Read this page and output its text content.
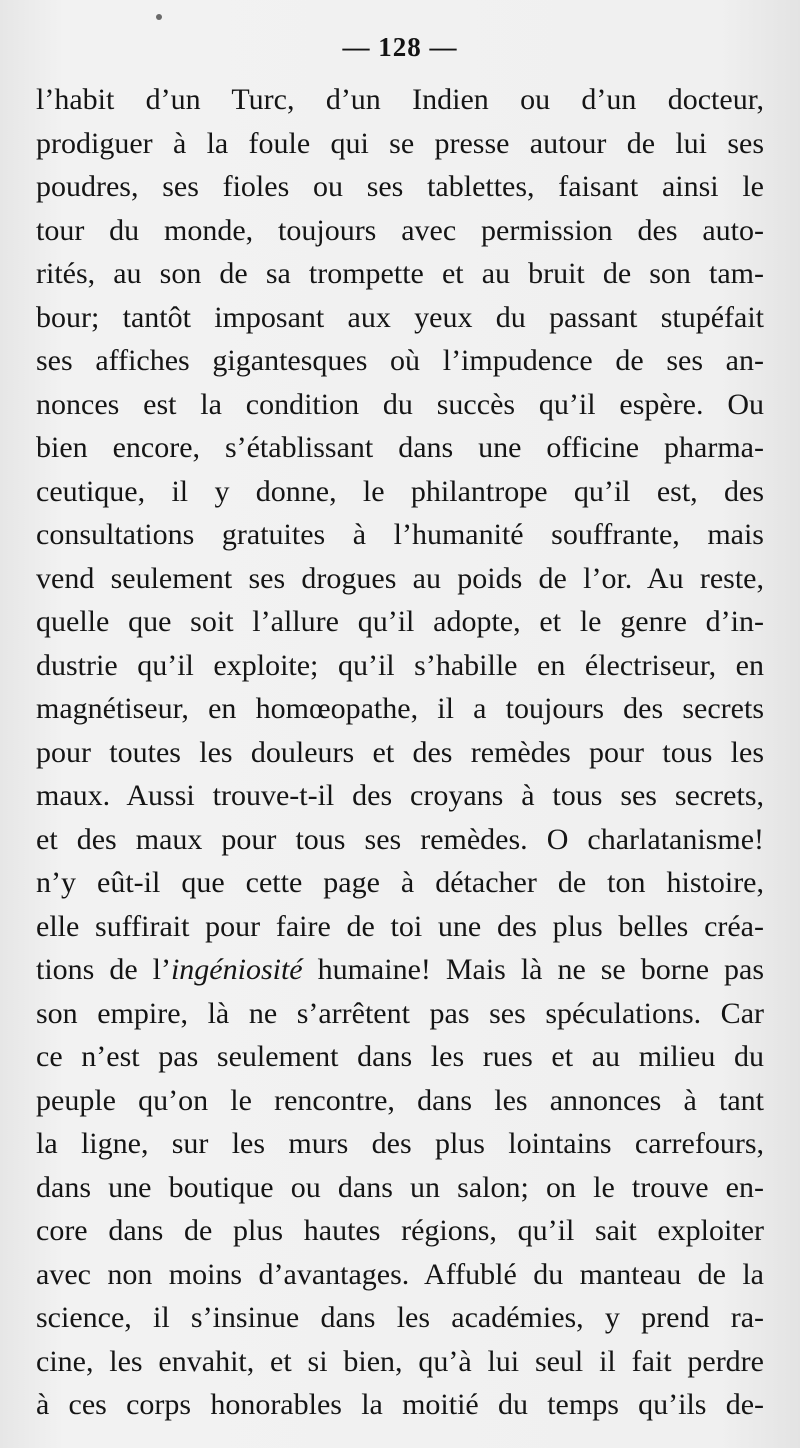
— 128 —
l’habit d’un Turc, d’un Indien ou d’un docteur,
prodiguer à la foule qui se presse autour de lui ses
poudres, ses fioles ou ses tablettes, faisant ainsi le
tour du monde, toujours avec permission des auto-
rités, au son de sa trompette et au bruit de son tam-
bour; tantôt imposant aux yeux du passant stupéfait
ses affiches gigantesques où l’impudence de ses an-
nonces est la condition du succès qu’il espère. Ou
bien encore, s’établissant dans une officine pharma-
ceutique, il y donne, le philantrope qu’il est, des
consultations gratuites à l’humanité souffrante, mais
vend seulement ses drogues au poids de l’or. Au reste,
quelle que soit l’allure qu’il adopte, et le genre d’in-
dustrie qu’il exploite; qu’il s’habille en électriseur, en
magnétiseur, en homœopathe, il a toujours des secrets
pour toutes les douleurs et des remèdes pour tous les
maux. Aussi trouve-t-il des croyans à tous ses secrets,
et des maux pour tous ses remèdes. O charlatanisme!
n’y eût-il que cette page à détacher de ton histoire,
elle suffirait pour faire de toi une des plus belles créa-
tions de l’ingéniosité humaine! Mais là ne se borne pas
son empire, là ne s’arrêtent pas ses spéculations. Car
ce n’est pas seulement dans les rues et au milieu du
peuple qu’on le rencontre, dans les annonces à tant
la ligne, sur les murs des plus lointains carrefours,
dans une boutique ou dans un salon; on le trouve en-
core dans de plus hautes régions, qu’il sait exploiter
avec non moins d’avantages. Affublé du manteau de la
science, il s’insinue dans les académies, y prend ra-
cine, les envahit, et si bien, qu’à lui seul il fait perdre
à ces corps honorables la moitié du temps qu’ils de-
